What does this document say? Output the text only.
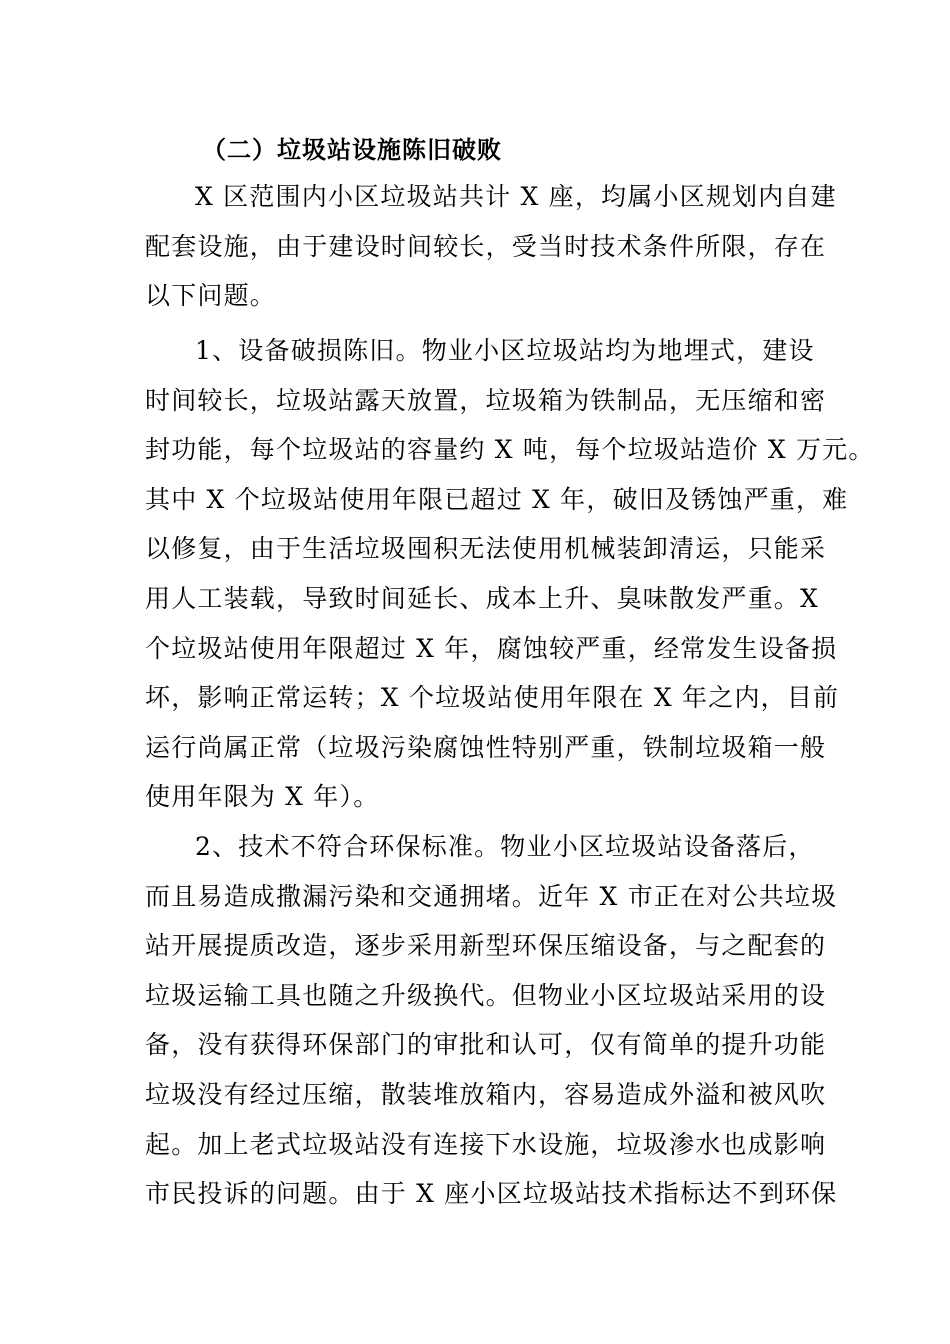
（二）垃圾站设施陈旧破败
X 区范围内小区垃圾站共计 X 座，均属小区规划内自建
配套设施，由于建设时间较长，受当时技术条件所限，存在
以下问题。
1、设备破损陈旧。物业小区垃圾站均为地埋式，建设
时间较长，垃圾站露天放置，垃圾箱为铁制品，无压缩和密
封功能，每个垃圾站的容量约 X 吨，每个垃圾站造价 X 万元。
其中 X 个垃圾站使用年限已超过 X 年，破旧及锈蚀严重，难
以修复，由于生活垃圾囤积无法使用机械装卸清运，只能采
用人工装载，导致时间延长、成本上升、臭味散发严重。X
个垃圾站使用年限超过 X 年，腐蚀较严重，经常发生设备损
坏，影响正常运转；X 个垃圾站使用年限在 X 年之内，目前
运行尚属正常（垃圾污染腐蚀性特别严重，铁制垃圾箱一般
使用年限为 X 年）。
2、技术不符合环保标准。物业小区垃圾站设备落后，
而且易造成撒漏污染和交通拥堵。近年 X 市正在对公共垃圾
站开展提质改造，逐步采用新型环保压缩设备，与之配套的
垃圾运输工具也随之升级换代。但物业小区垃圾站采用的设
备，没有获得环保部门的审批和认可，仅有简单的提升功能
垃圾没有经过压缩，散装堆放箱内，容易造成外溢和被风吹
起。加上老式垃圾站没有连接下水设施，垃圾渗水也成影响
市民投诉的问题。由于 X 座小区垃圾站技术指标达不到环保
